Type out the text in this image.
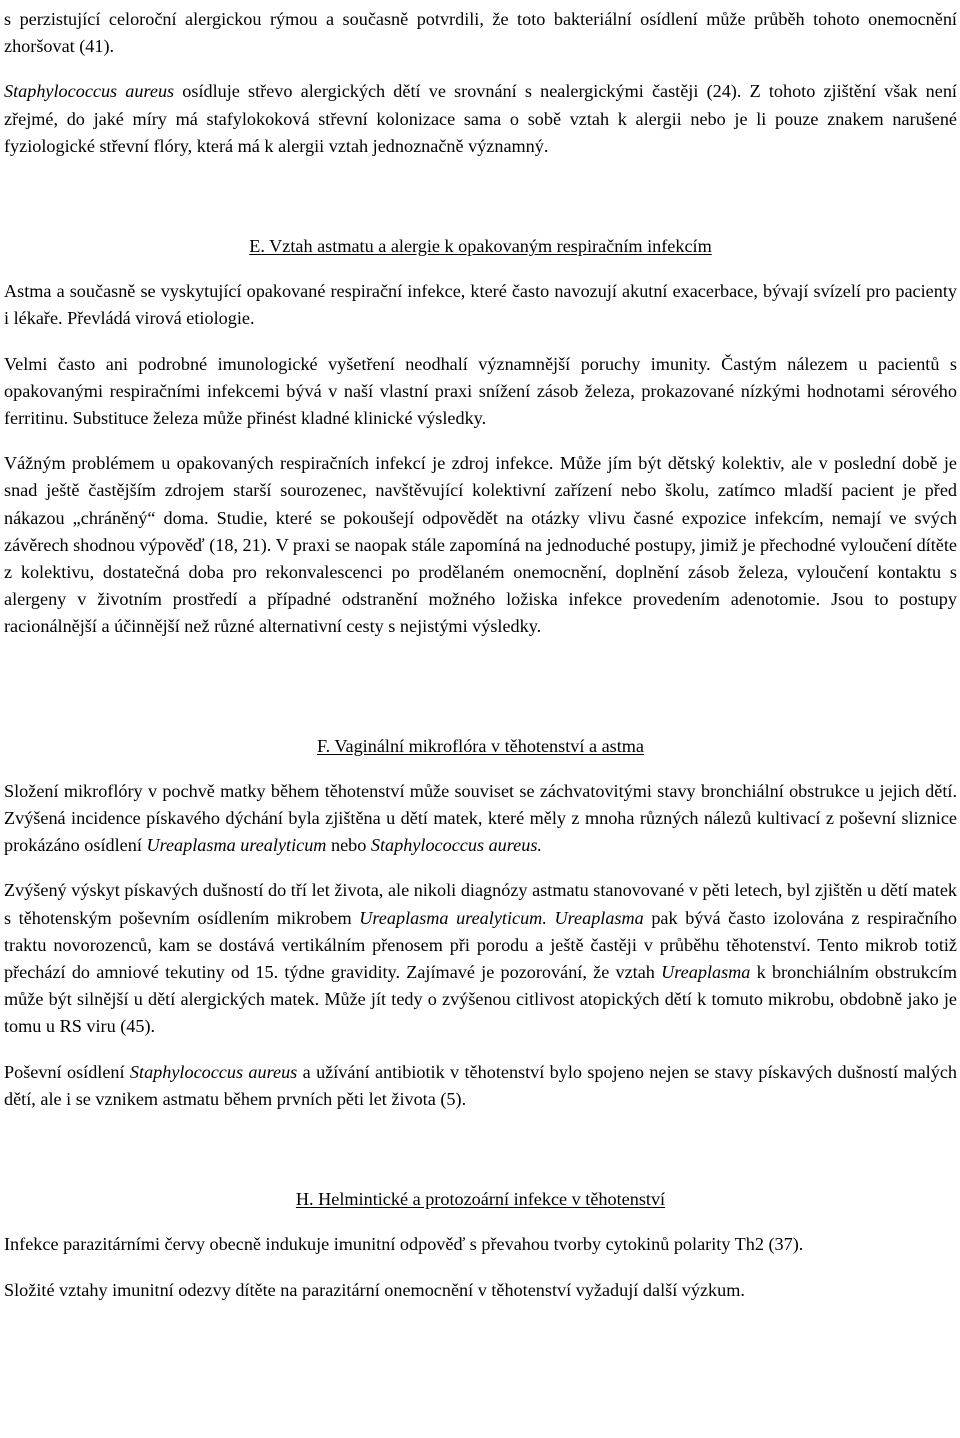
s perzistující celoroční alergickou rýmou a současně potvrdili, že toto bakteriální osídlení může průběh tohoto onemocnění zhoršovat (41).

Staphylococcus aureus osídluje střevo alergických dětí ve srovnání s nealergickými častěji (24). Z tohoto zjištění však není zřejmé, do jaké míry má stafylokoková střevní kolonizace sama o sobě vztah k alergii nebo je li pouze znakem narušené fyziologické střevní flóry, která má k alergii vztah jednoznačně významný.

E. Vztah astmatu a alergie k opakovaným respiračním infekcím

Astma a současně se vyskytující opakované respirační infekce, které často navozují akutní exacerbace, bývají svízelí pro pacienty i lékaře. Převládá virová etiologie.

Velmi často ani podrobné imunologické vyšetření neodhalí významnější poruchy imunity. Častým nálezem u pacientů s opakovanými respiračními infekcemi bývá v naší vlastní praxi snížení zásob železa, prokazované nízkými hodnotami sérového ferritinu. Substituce železa může přinést kladné klinické výsledky.

Vážným problémem u opakovaných respiračních infekcí je zdroj infekce. Může jím být dětský kolektiv, ale v poslední době je snad ještě častějším zdrojem starší sourozenec, navštěvující kolektivní zařízení nebo školu, zatímco mladší pacient je před nákazou „chráněný“ doma. Studie, které se pokoušejí odpovědět na otázky vlivu časné expozice infekcím, nemají ve svých závěrech shodnou výpověď (18, 21). V praxi se naopak stále zapomíná na jednoduché postupy, jimiž je přechodné vyloučení dítěte z kolektivu, dostatečná doba pro rekonvalescenci po prodělaném onemocnění, doplnění zásob železa, vyloučení kontaktu s alergeny v životním prostředí a případné odstranění možného ložiska infekce provedením adenotomie. Jsou to postupy racionálnější a účinnější než různé alternativní cesty s nejistými výsledky.

F. Vaginální mikroflóra v těhotenství a astma

Složení mikroflóry v pochvě matky během těhotenství může souviset se záchvatovitými stavy bronchiální obstrukce u jejich dětí. Zvýšená incidence pískavého dýchání byla zjištěna u dětí matek, které měly z mnoha různých nálezů kultivací z poševní sliznice prokázáno osídlení Ureaplasma urealyticum nebo Staphylococcus aureus.

Zvýšený výskyt pískavých dušností do tří let života, ale nikoli diagnózy astmatu stanovované v pěti letech, byl zjištěn u dětí matek s těhotenským poševním osídlením mikrobem Ureaplasma urealyticum. Ureaplasma pak bývá často izolována z respiračního traktu novorozenců, kam se dostává vertikálním přenosem při porodu a ještě častěji v průběhu těhotenství. Tento mikrob totiž přechází do amniové tekutiny od 15. týdne gravidity. Zajímavé je pozorování, že vztah Ureaplasma k bronchiálním obstrukcím může být silnější u dětí alergických matek. Může jít tedy o zvýšenou citlivost atopických dětí k tomuto mikrobu, obdobně jako je tomu u RS viru (45).

Poševní osídlení Staphylococcus aureus a užívání antibiotik v těhotenství bylo spojeno nejen se stavy pískavých dušností malých dětí, ale i se vznikem astmatu během prvních pěti let života (5).

H. Helmintické a protozoární infekce v těhotenství

Infekce parazitárními červy obecně indukuje imunitní odpověď s převahou tvorby cytokinů polarity Th2 (37).

Složité vztahy imunitní odezvy dítěte na parazitární onemocnění v těhotenství vyžadují další výzkum.
